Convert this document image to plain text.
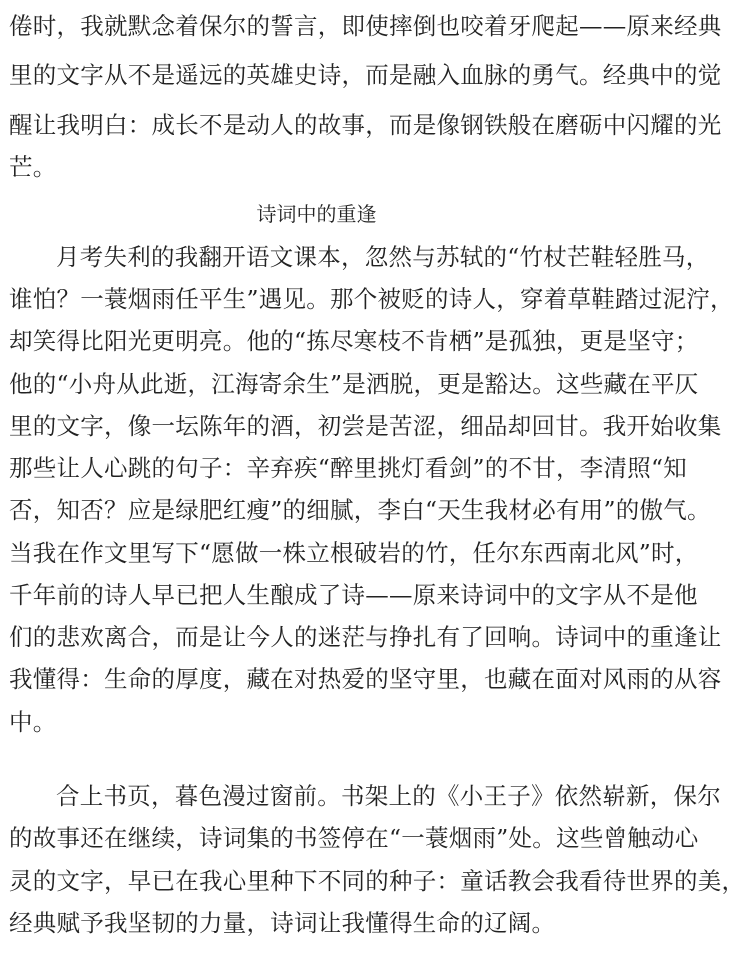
倦时，我就默念着保尔的誓言，即使摔倒也咬着牙爬起——原来经典
里的文字从不是遥远的英雄史诗，而是融入血脉的勇气。经典中的觉
醒让我明白：成长不是动人的故事，而是像钢铁般在磨砺中闪耀的光
芒。
诗词中的重逢
月考失利的我翻开语文课本，忽然与苏轼的“竹杖芒鞋轻胜马，
谁怕？一蓑烟雨任平生”遇见。那个被贬的诗人，穿着草鞋踏过泥泞，
却笑得比阳光更明亮。他的“拣尽寒枝不肯栖”是孤独，更是坚守；
他的“小舟从此逝，江海寄余生”是洒脱，更是豁达。这些藏在平仄
里的文字，像一坛陈年的酒，初尝是苦涩，细品却回甘。我开始收集
那些让人心跳的句子：辛弃疾“醉里挑灯看剑”的不甘，李清照“知
否，知否？应是绿肥红瘦”的细腻，李白“天生我材必有用”的傲气。
当我在作文里写下“愿做一株立根破岩的竹，任尔东西南北风”时，
千年前的诗人早已把人生酿成了诗——原来诗词中的文字从不是他
们的悲欢离合，而是让今人的迷茫与挣扎有了回响。诗词中的重逢让
我懂得：生命的厚度，藏在对热爱的坚守里，也藏在面对风雨的从容
中。
合上书页，暮色漫过窗前。书架上的《小王子》依然崭新，保尔
的故事还在继续，诗词集的书签停在“一蓑烟雨”处。这些曾触动心
灵的文字，早已在我心里种下不同的种子：童话教会我看待世界的美，
经典赋予我坚韧的力量，诗词让我懂得生命的辽阔。
